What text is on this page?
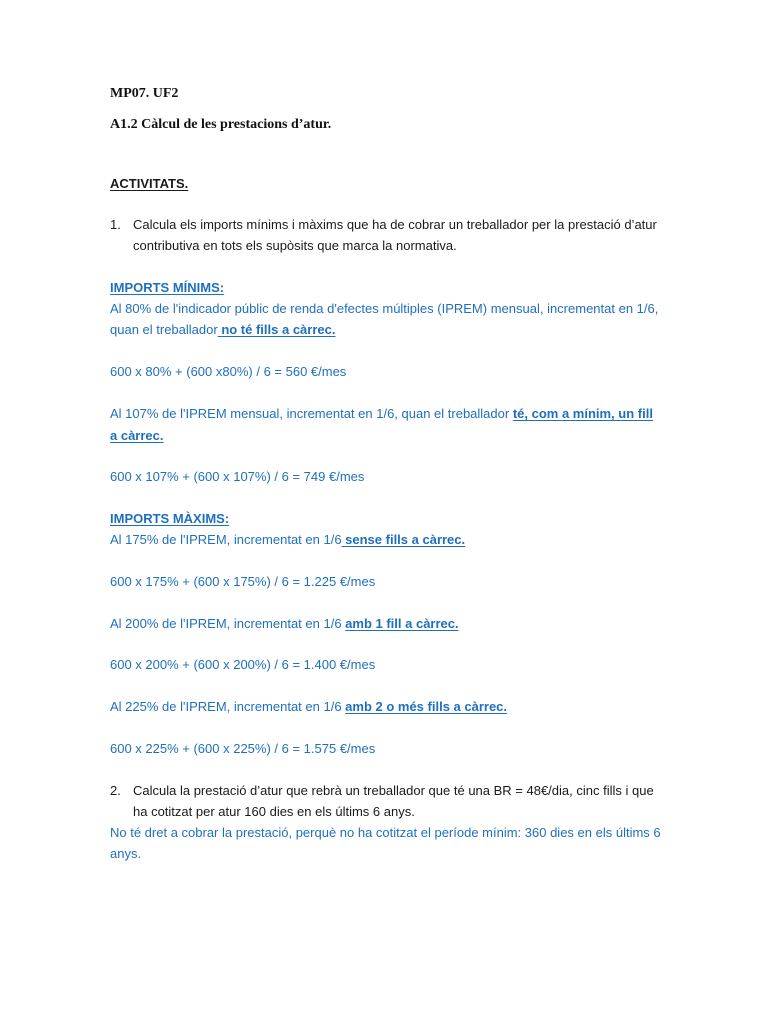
MP07. UF2
A1.2 Càlcul de les prestacions d’atur.
ACTIVITATS.
1. Calcula els imports mínims i màxims que ha de cobrar un treballador per la prestació d’atur
contributiva en tots els supòsits que marca la normativa.
IMPORTS MÍNIMS:
Al 80% de l'indicador públic de renda d'efectes múltiples (IPREM) mensual, incrementat en 1/6,
quan el treballador no té fills a càrrec.
600 x 80% + (600 x80%) / 6 = 560 €/mes
Al 107% de l'IPREM mensual, incrementat en 1/6, quan el treballador té, com a mínim, un fill
a càrrec.
600 x 107% + (600 x 107%) / 6 = 749 €/mes
IMPORTS MÀXIMS:
Al 175% de l'IPREM, incrementat en 1/6 sense fills a càrrec.
600 x 175% + (600 x 175%) / 6 = 1.225 €/mes
Al 200% de l'IPREM, incrementat en 1/6 amb 1 fill a càrrec.
600 x 200% + (600 x 200%) / 6 = 1.400 €/mes
Al 225% de l'IPREM, incrementat en 1/6 amb 2 o més fills a càrrec.
600 x 225% + (600 x 225%) / 6 = 1.575 €/mes
2. Calcula la prestació d’atur que rebrà un treballador que té una BR = 48€/dia, cinc fills i que
ha cotitzat per atur 160 dies en els últims 6 anys.
No té dret a cobrar la prestació, perquè no ha cotitzat el període mínim: 360 dies en els últims 6
anys.
